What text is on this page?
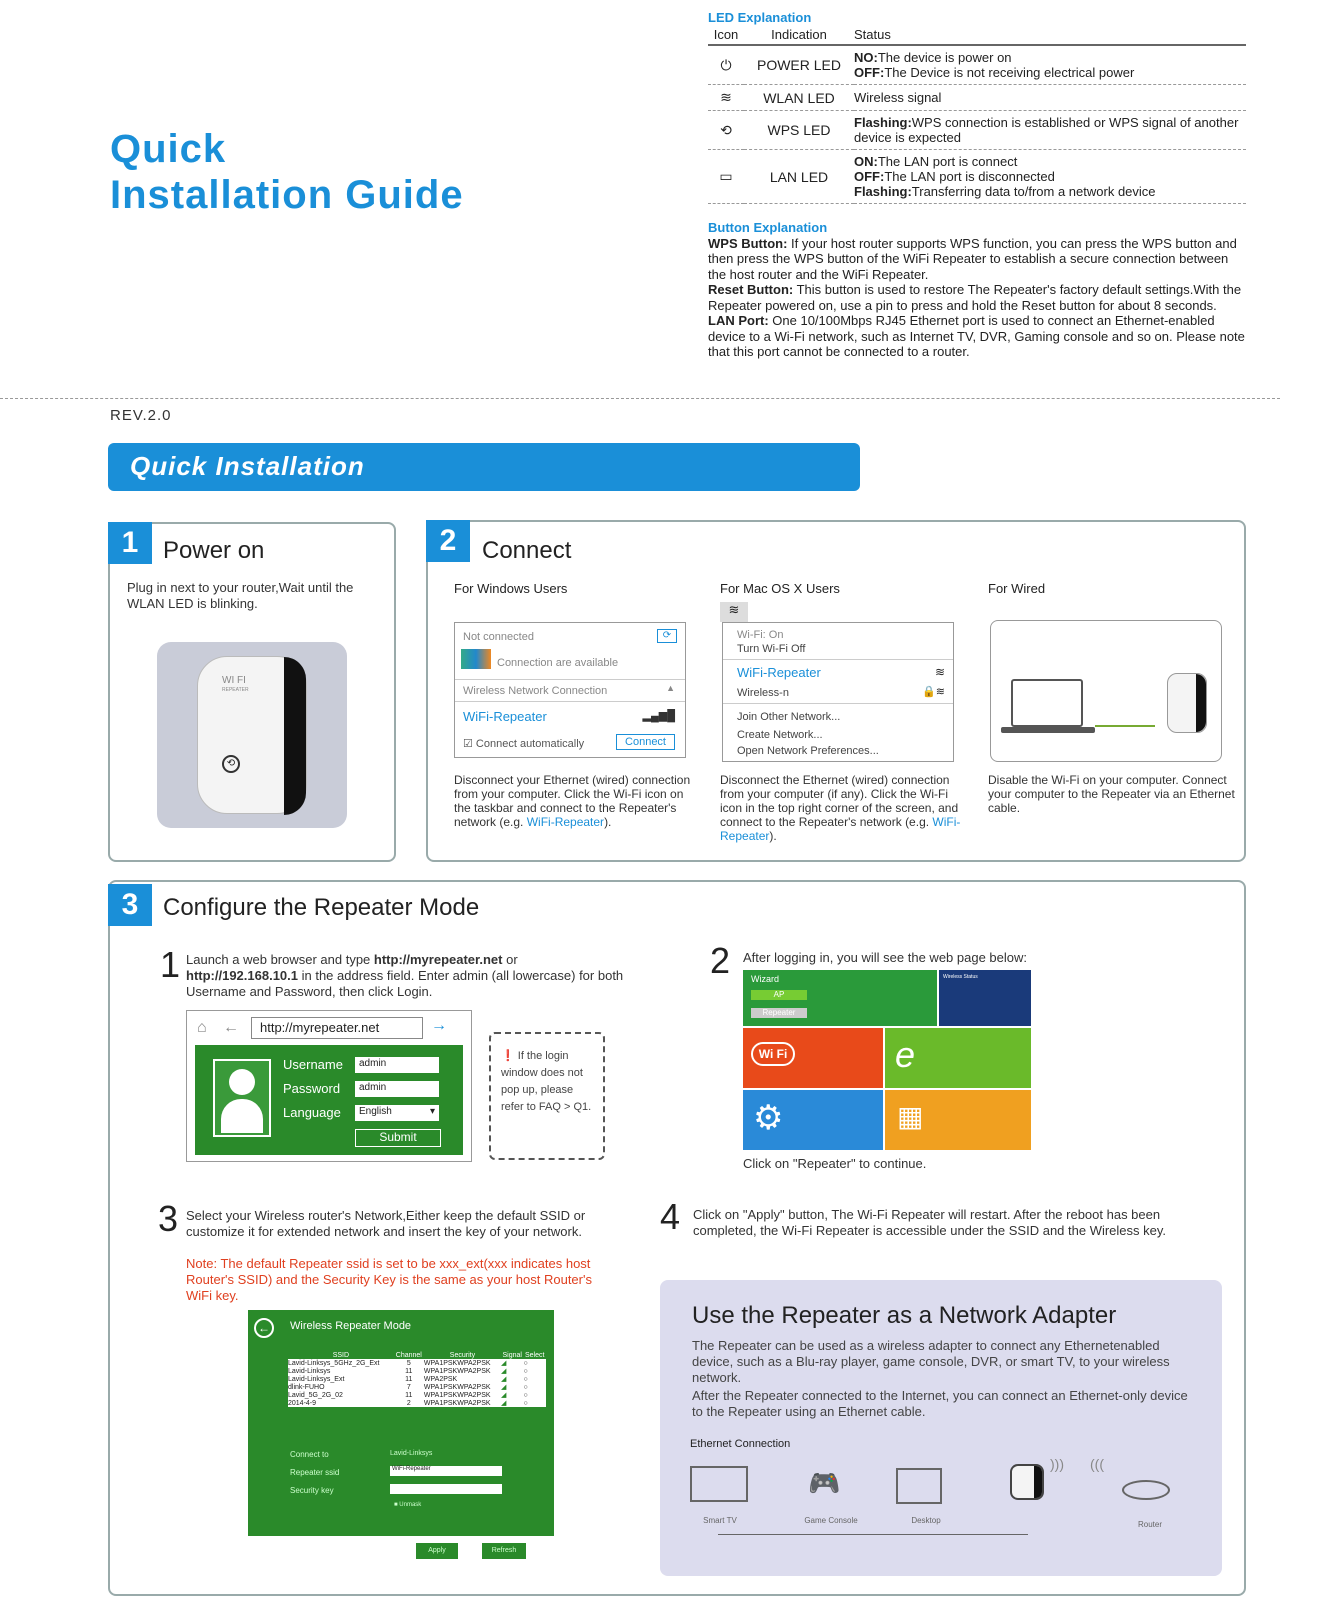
Quick
Installation Guide
LED Explanation
Icon	Indication	Status
⏻	POWER LED	NO:The device is power on
OFF:The Device is not receiving electrical power

≋	WLAN LED	Wireless signal

⟲	WPS LED	Flashing:WPS connection is established or WPS signal of another device is expected

▭	LAN LED	ON:The LAN port is connect
OFF:The LAN port is disconnected
Flashing:Transferring data to/from a network device
Button Explanation
WPS Button: If your host router supports WPS function, you can press the WPS button and then press the WPS button of the WiFi Repeater to establish a secure connection between the host router and the WiFi Repeater.
Reset Button: This button is used to restore The Repeater's factory default settings.With the Repeater powered on, use a pin to press and hold the Reset button for about 8 seconds.
LAN Port: One 10/100Mbps RJ45 Ethernet port is used to connect an Ethernet-enabled device to a Wi-Fi network, such as Internet TV, DVR, Gaming console and so on. Please note that this port cannot be connected to a router.
REV.2.0
Quick Installation
1	Power on
Plug in next to your router,Wait until the WLAN LED is blinking.
WI FI
REPEATER
⟲
2	Connect
For Windows Users
Not connected	⟳
Connection are available
Wireless Network Connection	▲
WiFi-Repeater	▂▄▆█
☑ Connect automatically	Connect
Disconnect your Ethernet (wired) connection from your computer. Click the Wi-Fi icon on the taskbar and connect to the Repeater's network (e.g. WiFi-Repeater).
For Mac OS X Users
≋
Wi-Fi: On
Turn Wi-Fi Off
WiFi-Repeater	≋
Wireless-n	🔒≋
Join Other Network...
Create Network...
Open Network Preferences...
Disconnect the Ethernet (wired) connection from your computer (if any). Click the Wi-Fi icon in the top right corner of the screen, and connect to the Repeater's network (e.g. WiFi-Repeater).
For Wired
Disable the Wi-Fi on your computer. Connect your computer to the Repeater via an Ethernet cable.
3	Configure the Repeater Mode
1 Launch a web browser and type http://myrepeater.net or http://192.168.10.1 in the address field. Enter admin (all lowercase) for both Username and Password, then click Login.
⌂ ←	http://myrepeater.net	→
Username	admin
Password	admin
Language	English	▾
Submit
❗ If the login window does not pop up, please refer to FAQ > Q1.
2 After logging in, you will see the web page below:
Wizard
AP
Repeater
Wireless Status
Wi Fi	e
⚙	▦
Click on "Repeater" to continue.
3 Select your Wireless router's Network,Either keep the default SSID or customize it for extended network and insert the key of your network.
Note: The default Repeater ssid is set to be xxx_ext(xxx indicates host Router's SSID) and the Security Key is the same as your host Router's WiFi key.
←	Wireless Repeater Mode
SSID	Channel	Security	Signal	Select
Lavid-Linksys_5GHz_2G_Ext	5	WPA1PSKWPA2PSK	◢	○
Lavid-Linksys	11	WPA1PSKWPA2PSK	◢	○
Lavid-Linksys_Ext	11	WPA2PSK	◢	○
dlink-FUHO	7	WPA1PSKWPA2PSK	◢	○
Lavid_5G_2G_02	11	WPA1PSKWPA2PSK	◢	○
2014-4-9	2	WPA1PSKWPA2PSK	◢	○
Connect to	Lavid-Linksys
Repeater ssid	WiFi-Repeater
Security key
■ Unmask
Apply	Refresh
4 Click on "Apply" button, The Wi-Fi Repeater will restart. After the reboot has been completed, the Wi-Fi Repeater is accessible under the SSID and the Wireless key.
Use the Repeater as a Network Adapter
The Repeater can be used as a wireless adapter to connect any Ethernetenabled device, such as a Blu-ray player, game console, DVR, or smart TV, to your wireless network.
After the Repeater connected to the Internet, you can connect an Ethernet-only device to the Repeater using an Ethernet cable.
Ethernet Connection
Smart TV
🎮
Game Console	Desktop
))) (((
Router
